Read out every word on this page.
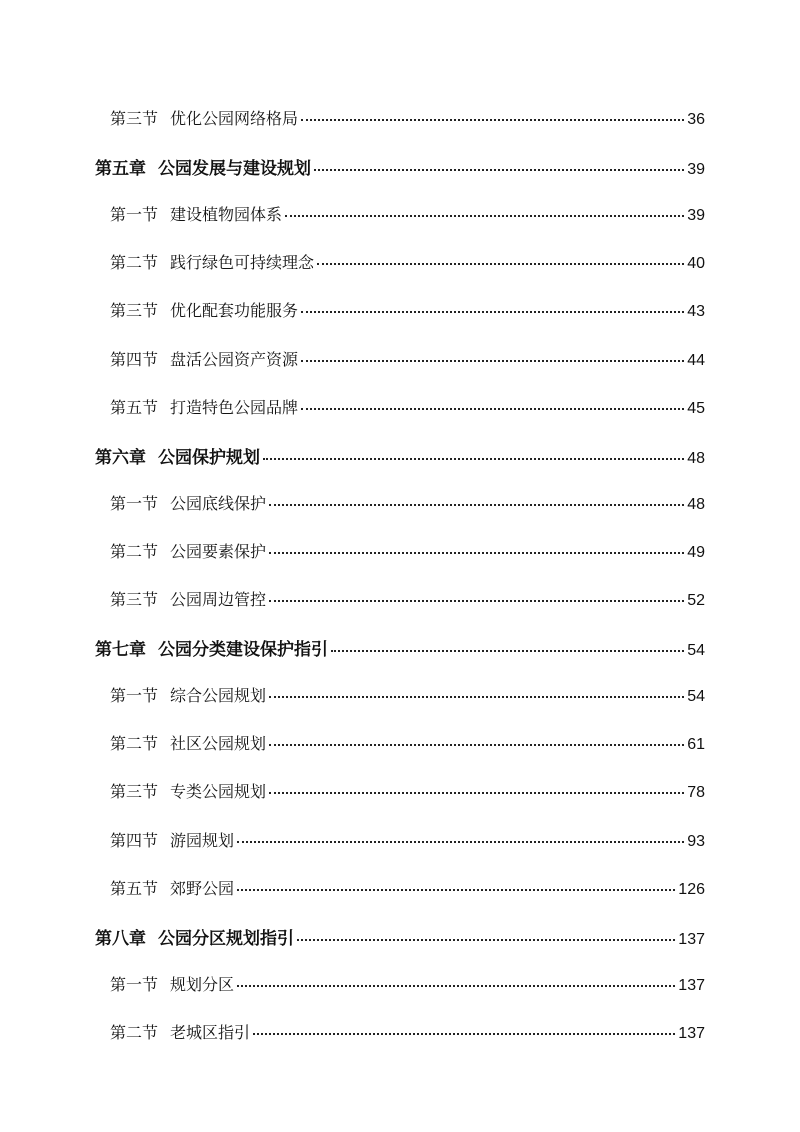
第三节 优化公园网络格局	36
第五章 公园发展与建设规划	39
第一节 建设植物园体系	39
第二节 践行绿色可持续理念	40
第三节 优化配套功能服务	43
第四节 盘活公园资产资源	44
第五节 打造特色公园品牌	45
第六章 公园保护规划	48
第一节 公园底线保护	48
第二节 公园要素保护	49
第三节 公园周边管控	52
第七章 公园分类建设保护指引	54
第一节 综合公园规划	54
第二节 社区公园规划	61
第三节 专类公园规划	78
第四节 游园规划	93
第五节 郊野公园	126
第八章 公园分区规划指引	137
第一节 规划分区	137
第二节 老城区指引	137
